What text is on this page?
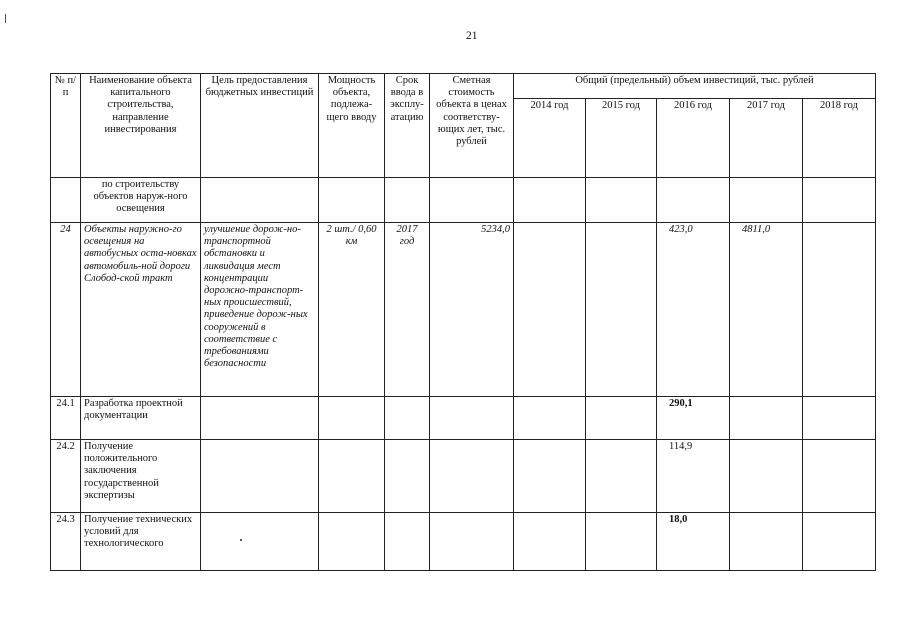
21
№ п/п	Наименование объекта капитального строительства, направление инвестирования	Цель предоставления бюджетных инвестиций	Мощность объекта, подлежа-щего вводу	Срок ввода в эксплу-атацию	Сметная стоимость объекта в ценах соответству-ющих лет, тыс. рублей	Общий (предельный) объем инвестиций, тыс. рублей				
						2014 год	2015 год	2016 год	2017 год	2018 год
	по строительству объектов наруж-ного освещения									
24	Объекты наружно-го освещения на автобусных оста-новках автомобиль-ной дороги Слобод-ской тракт	улучшение дорож-но-транспортной обстановки и ликвидация мест концентрации дорожно-транспорт-ных происшествий, приведение дорож-ных сооружений в соответствие с требованиями безопасности	2 шт./ 0,60 км	2017 год	5234,0			423,0	4811,0	
24.1	Разработка проектной документации							290,1		
24.2	Получение положительного заключения государственной экспертизы							114,9		
24.3	Получение технических условий для технологического							18,0		
